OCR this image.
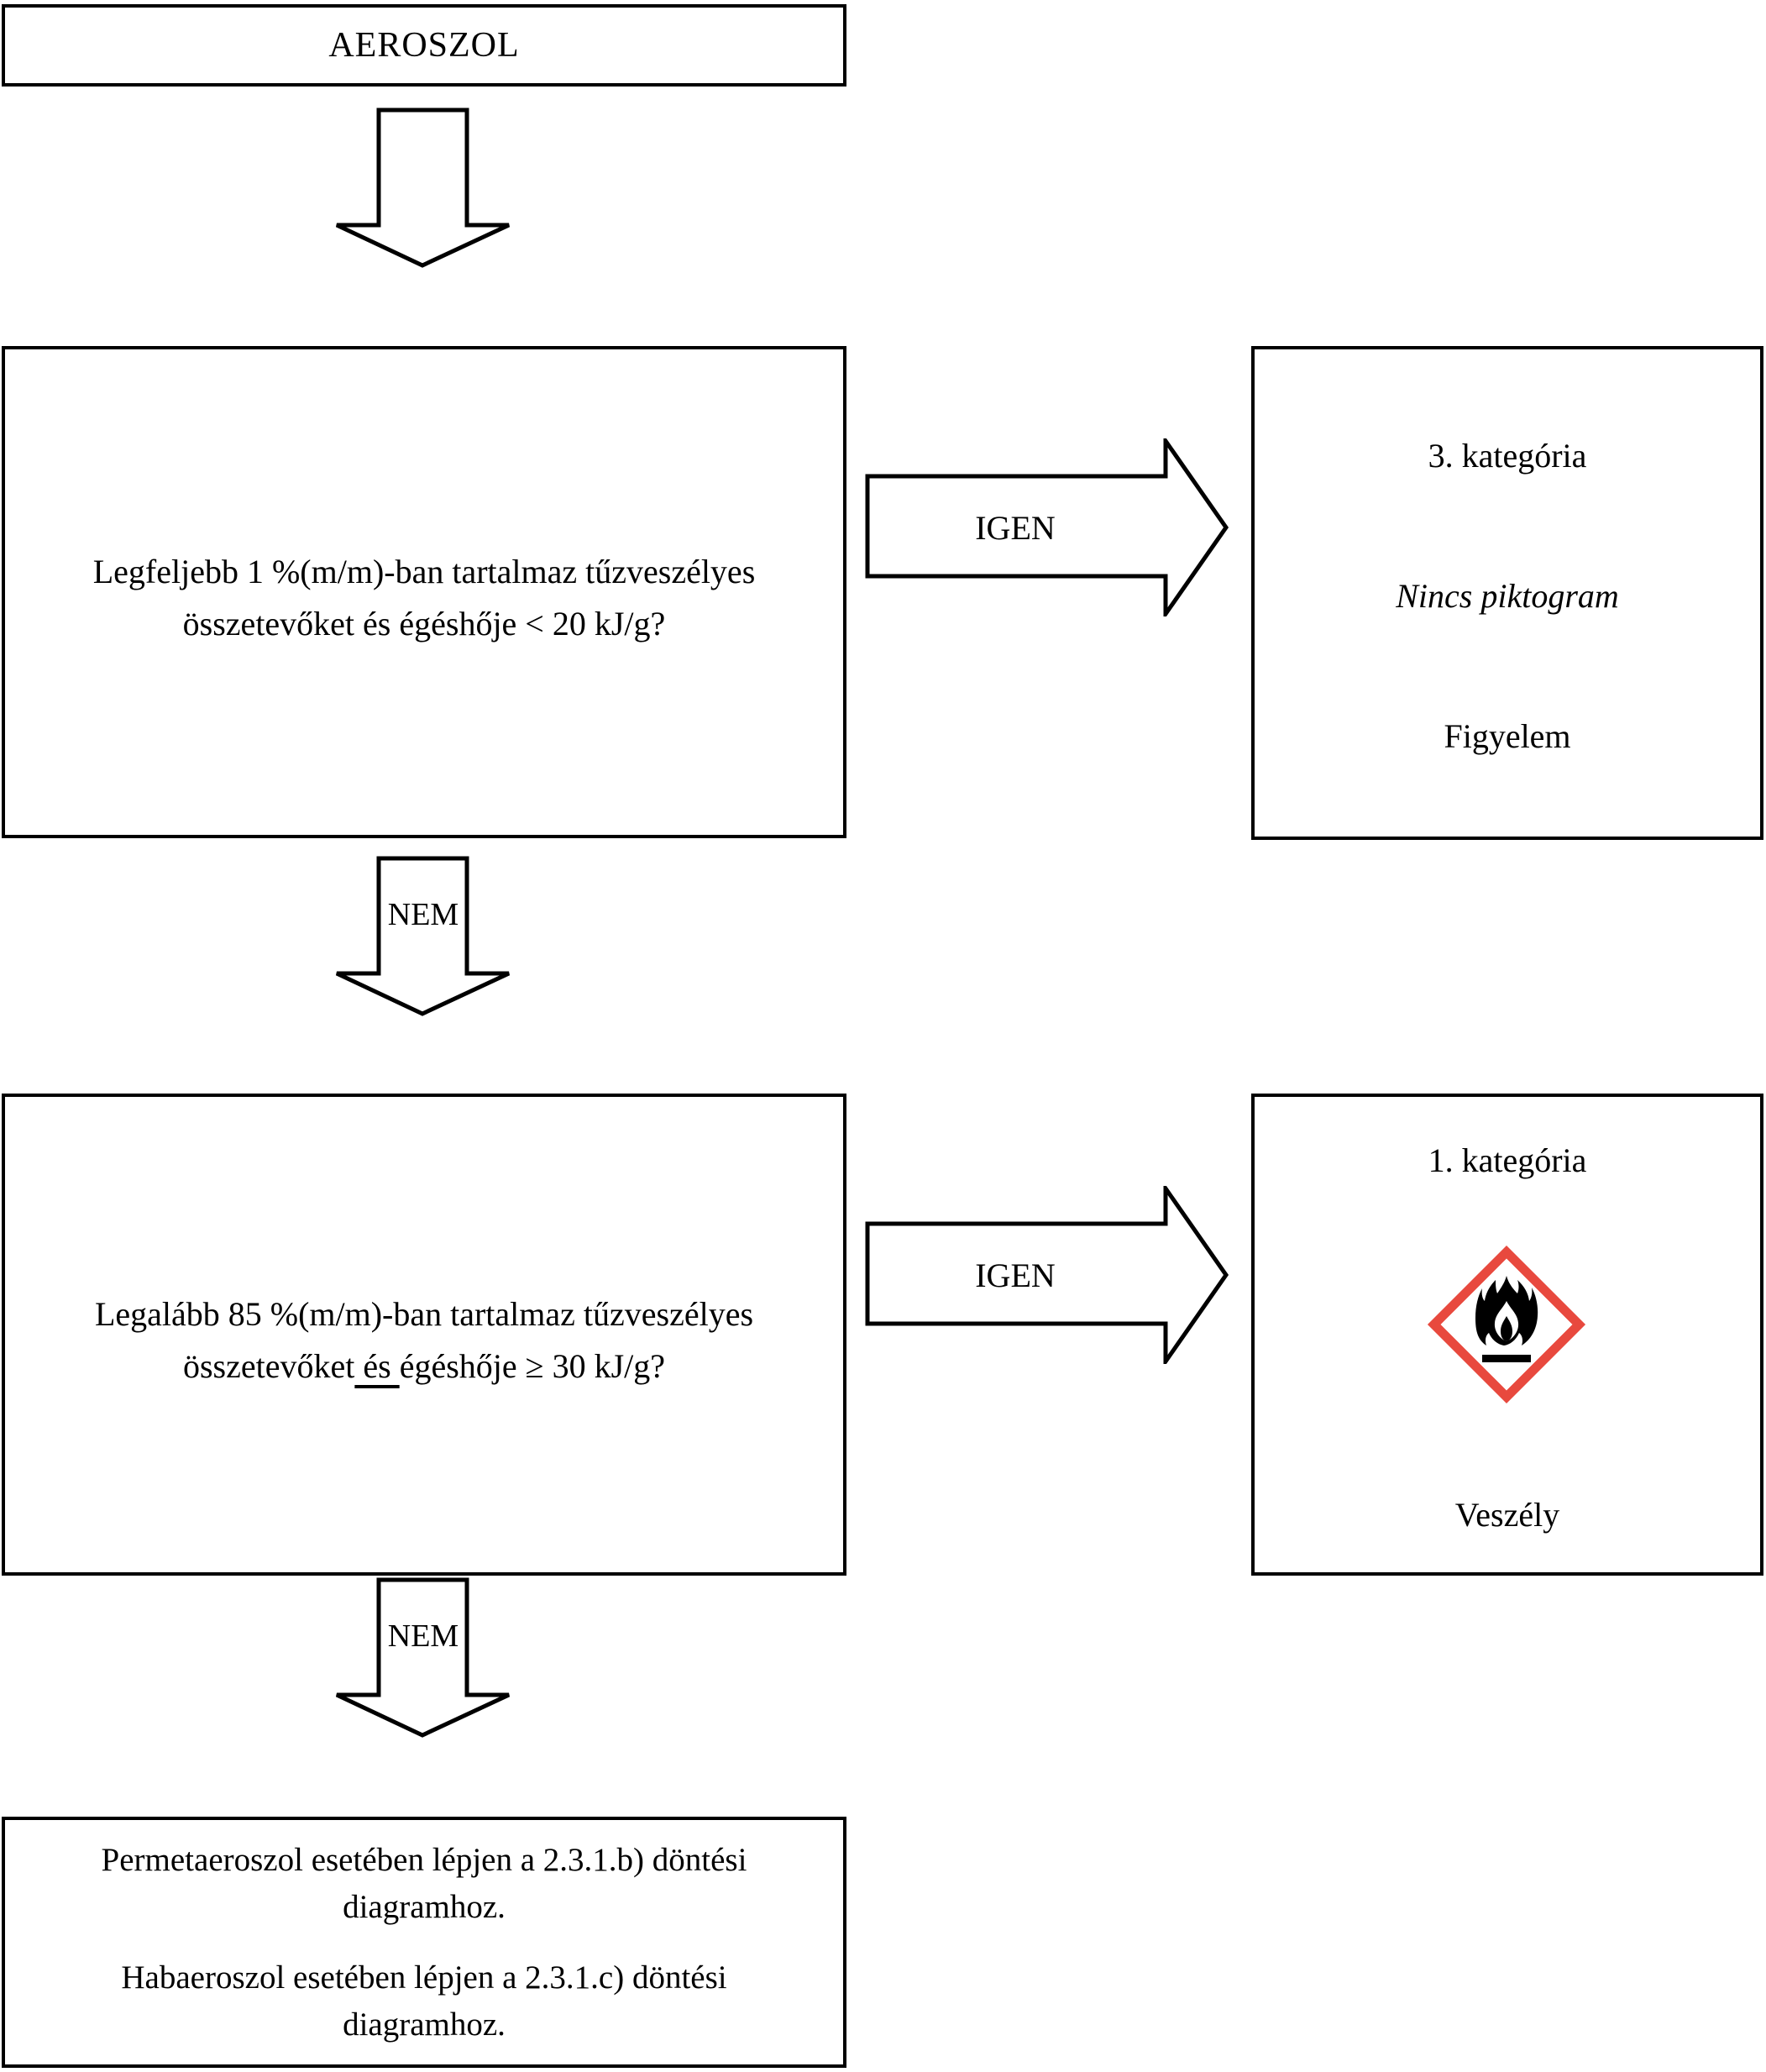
AEROSZOL
Legfeljebb 1 %(m/m)-ban tartalmaz tűzveszélyes
összetevőket és égéshője < 20 kJ/g?
IGEN
3. kategória
Nincs piktogram
Figyelem
NEM
Legalább 85 %(m/m)-ban tartalmaz tűzveszélyes
összetevőket és égéshője ≥ 30 kJ/g?
IGEN
1. kategória
Veszély
NEM
Permetaeroszol esetében lépjen a 2.3.1.b) döntési
diagramhoz.
Habaeroszol esetében lépjen a 2.3.1.c) döntési
diagramhoz.
